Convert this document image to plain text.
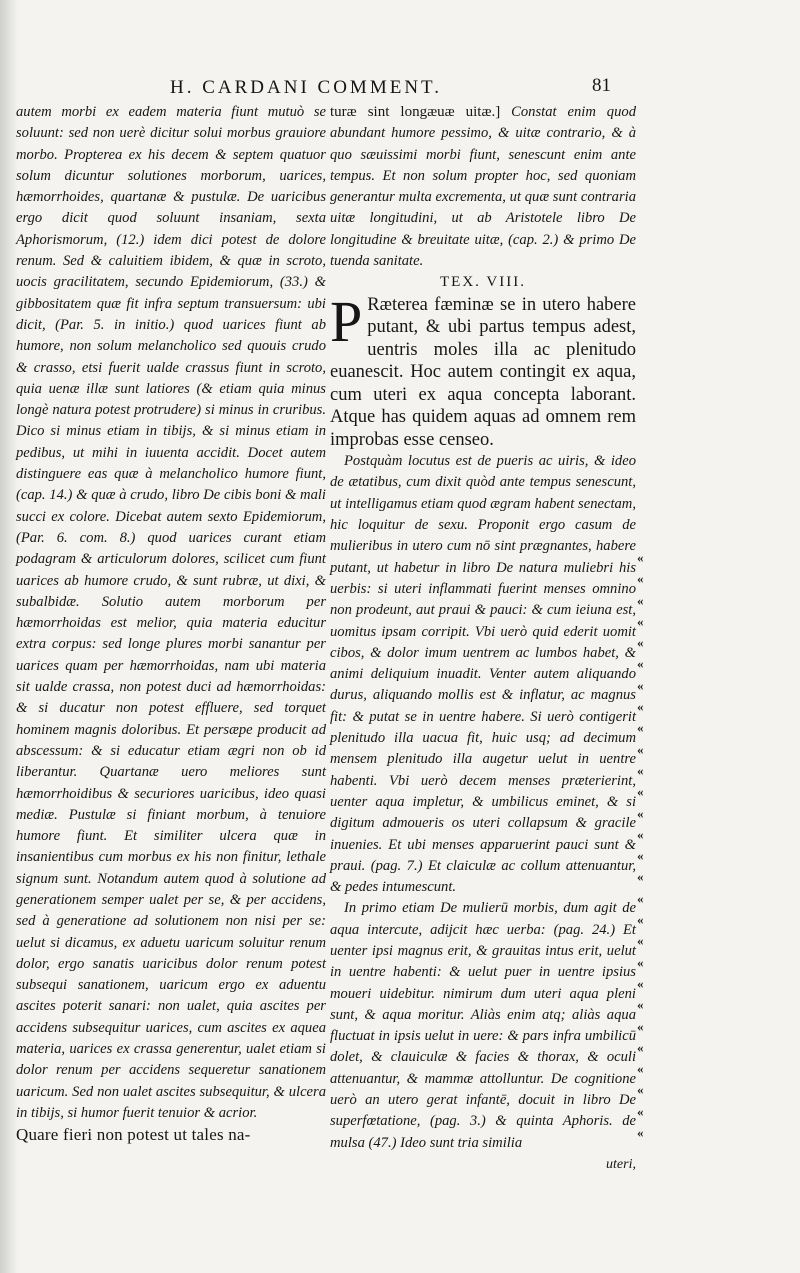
H. CARDANI COMMENT.	81

autem morbi ex eadem materia fiunt mutuò se soluunt: sed non uerè dicitur solui morbus grauiore morbo. Propterea ex his decem & septem quatuor solum dicuntur solutiones morborum, uarices, hæmorrhoides, quartanæ & pustulæ. De uaricibus ergo dicit quod soluunt insaniam, sexta Aphorismorum, (12.) idem dici potest de dolore renum. Sed & caluitiem ibidem, & quæ in scroto, uocis gracilitatem, secundo Epidemiorum, (33.) & gibbositatem quæ fit infra septum transuersum: ubi dicit, (Par. 5. in initio.) quod uarices fiunt ab humore, non solum melancholico sed quouis crudo & crasso, etsi fuerit ualde crassus fiunt in scroto, quia uenæ illæ sunt latiores (& etiam quia minus longè natura potest protrudere) si minus in cruribus. Dico si minus etiam in tibijs, & si minus etiam in pedibus, ut mihi in iuuenta accidit. Docet autem distinguere eas quæ à melancholico humore fiunt, (cap. 14.) & quæ à crudo, libro De cibis boni & mali succi ex colore. Dicebat autem sexto Epidemiorum, (Par. 6. com. 8.) quod uarices curant etiam podagram & articulorum dolores, scilicet cum fiunt uarices ab humore crudo, & sunt rubræ, ut dixi, & subalbidæ. Solutio autem morborum per hæmorrhoidas est melior, quia materia educitur extra corpus: sed longe plures morbi sanantur per uarices quam per hæmorrhoidas, nam ubi materia sit ualde crassa, non potest duci ad hæmorrhoidas: & si ducatur non potest effluere, sed torquet hominem magnis doloribus. Et persæpe producit ad abscessum: & si educatur etiam ægri non ob id liberantur. Quartanæ uero meliores sunt hæmorrhoidibus & securiores uaricibus, ideo quasi mediæ. Pustulæ si finiant morbum, à tenuiore humore fiunt. Et similiter ulcera quæ in insanientibus cum morbus ex his non finitur, lethale signum sunt. Notandum autem quod à solutione ad generationem semper ualet per se, & per accidens, sed à generatione ad solutionem non nisi per se: uelut si dicamus, ex aduetu uaricum soluitur renum dolor, ergo sanatis uaricibus dolor renum potest subsequi sanationem, uaricum ergo ex aduentu ascites poterit sanari: non ualet, quia ascites per accidens subsequitur uarices, cum ascites ex aquea materia, uarices ex crassa generentur, ualet etiam si dolor renum per accidens sequeretur sanationem uaricum. Sed non ualet ascites subsequitur, & ulcera in tibijs, si humor fuerit tenuior & acrior.

Quare fieri non potest ut tales na-

turæ sint longæuæ uitæ.] Constat enim quod abundant humore pessimo, & uitæ contrario, & à quo sæuissimi morbi fiunt, senescunt enim ante tempus. Et non solum propter hoc, sed quoniam generantur multa excrementa, ut quæ sunt contraria uitæ longitudini, ut ab Aristotele libro De longitudine & breuitate uitæ, (cap. 2.) & primo De tuenda sanitate.

TEX. VIII.

P Ræterea fæminæ se in utero habere putant, & ubi partus tempus adest, uentris moles illa ac plenitudo euanescit. Hoc autem contingit ex aqua, cum uteri ex aqua concepta laborant. Atque has quidem aquas ad omnem rem improbas esse censeo.

Postquàm locutus est de pueris ac uiris, & ideo de ætatibus, cum dixit quòd ante tempus senescunt, ut intelligamus etiam quod ægram habent senectam, hic loquitur de sexu. Proponit ergo casum de mulieribus in utero cum nō sint prægnantes, habere putant, ut habetur in libro De natura muliebri his uerbis: si uteri inflammati fuerint menses omnino non prodeunt, aut praui & pauci: & cum ieiuna est, uomitus ipsam corripit. Vbi uerò quid ederit uomit cibos, & dolor imum uentrem ac lumbos habet, & animi deliquium inuadit. Venter autem aliquando durus, aliquando mollis est & inflatur, ac magnus fit: & putat se in uentre habere. Si uerò contigerit plenitudo illa uacua fit, huic usq; ad decimum mensem plenitudo illa augetur uelut in uentre habenti. Vbi uerò decem menses præterierint, uenter aqua impletur, & umbilicus eminet, & si digitum admoueris os uteri collapsum & gracile inuenies. Et ubi menses apparuerint pauci sunt & praui. (pag. 7.) Et claiculæ ac collum attenuantur, & pedes intumescunt.

In primo etiam De mulierū morbis, dum agit de aqua intercute, adijcit hæc uerba: (pag. 24.) Et uenter ipsi magnus erit, & grauitas intus erit, uelut in uentre habenti: & uelut puer in uentre ipsius moueri uidebitur. nimirum dum uteri aqua pleni sunt, & aqua moritur. Aliàs enim atq; aliàs aqua fluctuat in ipsis uelut in uere: & pars infra umbilicū dolet, & clauiculæ & facies & thorax, & oculi attenuantur, & mammæ attolluntur. De cognitione uerò an utero gerat infantē, docuit in libro De superfœtatione, (pag. 3.) & quinta Aphoris. de mulsa (47.) Ideo sunt tria similia

uteri,

«
«
«
«
«
«
«
«
«
«
«
«
«
«
«
«
«
«
«
«
«
«
«
«
«
«
«
«
